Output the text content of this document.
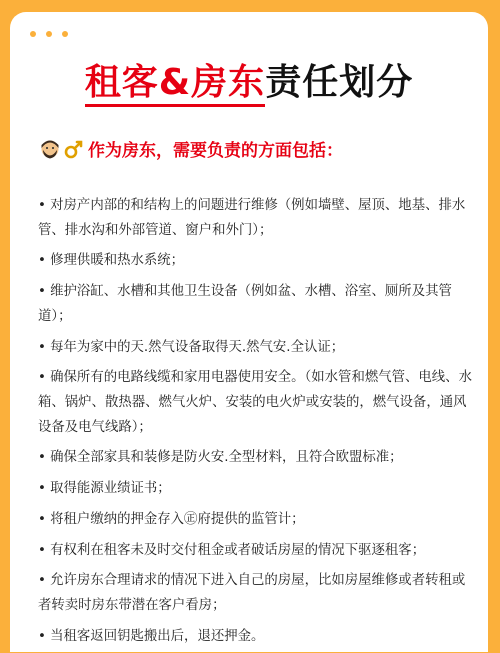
租客&房东责任划分
作为房东，需要负责的方面包括：
• 对房产内部的和结构上的问题进行维修（例如墙壁、屋顶、地基、排水管、排水沟和外部管道、窗户和外门）；
• 修理供暖和热水系统；
• 维护浴缸、水槽和其他卫生设备（例如盆、水槽、浴室、厕所及其管道）；
• 每年为家中的天.然气设备取得天.然气安.全认证；
• 确保所有的电路线缆和家用电器使用安全。（如水管和燃气管、电线、水箱、锅炉、散热器、燃气火炉、安装的电火炉或安装的，燃气设备，通风设备及电气线路）；
• 确保全部家具和装修是防火安.全型材料，且符合欧盟标准；
• 取得能源业绩证书；
• 将租户缴纳的押金存入㊣府提供的监管计；
• 有权利在租客未及时交付租金或者破话房屋的情况下驱逐租客；
• 允许房东合理请求的情况下进入自己的房屋，比如房屋维修或者转租或者转卖时房东带潜在客户看房；
• 当租客返回钥匙搬出后，退还押金。
